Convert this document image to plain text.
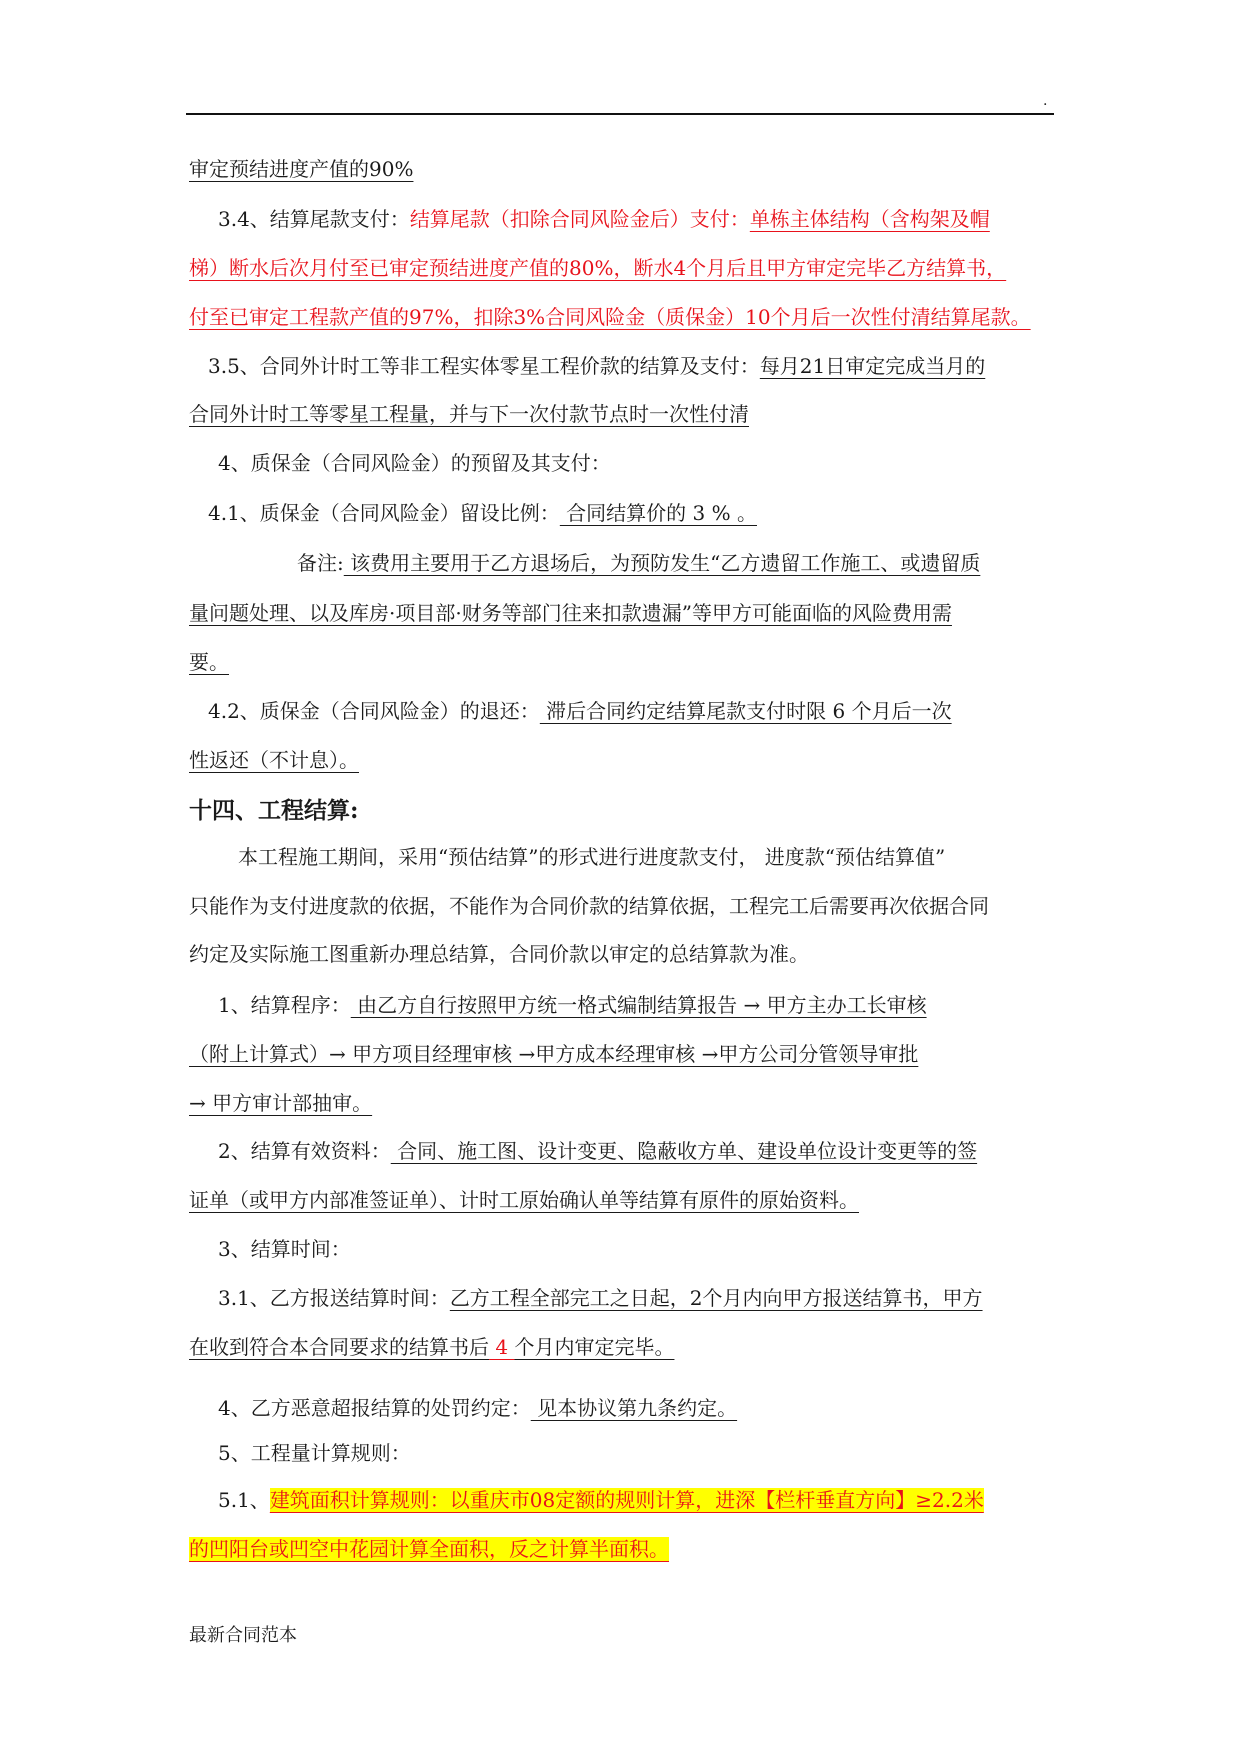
.
审定预结进度产值的90%
3.4、结算尾款支付：结算尾款（扣除合同风险金后）支付：单栋主体结构（含构架及帽
梯）断水后次月付至已审定预结进度产值的80%，断水4个月后且甲方审定完毕乙方结算书，
付至已审定工程款产值的97%，扣除3%合同风险金（质保金）10个月后一次性付清结算尾款。
3.5、合同外计时工等非工程实体零星工程价款的结算及支付：每月21日审定完成当月的
合同外计时工等零星工程量，并与下一次付款节点时一次性付清
4、质保金（合同风险金）的预留及其支付：
4.1、质保金（合同风险金）留设比例： 合同结算价的 3 % 。
备注: 该费用主要用于乙方退场后，为预防发生“乙方遗留工作施工、或遗留质
量问题处理、以及库房·项目部·财务等部门往来扣款遗漏”等甲方可能面临的风险费用需
要。
4.2、质保金（合同风险金）的退还： 滞后合同约定结算尾款支付时限 6 个月后一次
性返还（不计息）。
十四、工程结算:
本工程施工期间，采用“预估结算”的形式进行进度款支付， 进度款“预估结算值”
只能作为支付进度款的依据，不能作为合同价款的结算依据，工程完工后需要再次依据合同
约定及实际施工图重新办理总结算，合同价款以审定的总结算款为准。
1、结算程序： 由乙方自行按照甲方统一格式编制结算报告 → 甲方主办工长审核
（附上计算式）→ 甲方项目经理审核 →甲方成本经理审核 →甲方公司分管领导审批
→ 甲方审计部抽审。
2、结算有效资料： 合同、施工图、设计变更、隐蔽收方单、建设单位设计变更等的签
证单（或甲方内部准签证单）、计时工原始确认单等结算有原件的原始资料。
3、结算时间：
3.1、乙方报送结算时间：乙方工程全部完工之日起，2个月内向甲方报送结算书，甲方
在收到符合本合同要求的结算书后 4 个月内审定完毕。
4、乙方恶意超报结算的处罚约定： 见本协议第九条约定。
5、工程量计算规则：
5.1、建筑面积计算规则：以重庆市08定额的规则计算，进深【栏杆垂直方向】≥2.2米
的凹阳台或凹空中花园计算全面积，反之计算半面积。
最新合同范本
